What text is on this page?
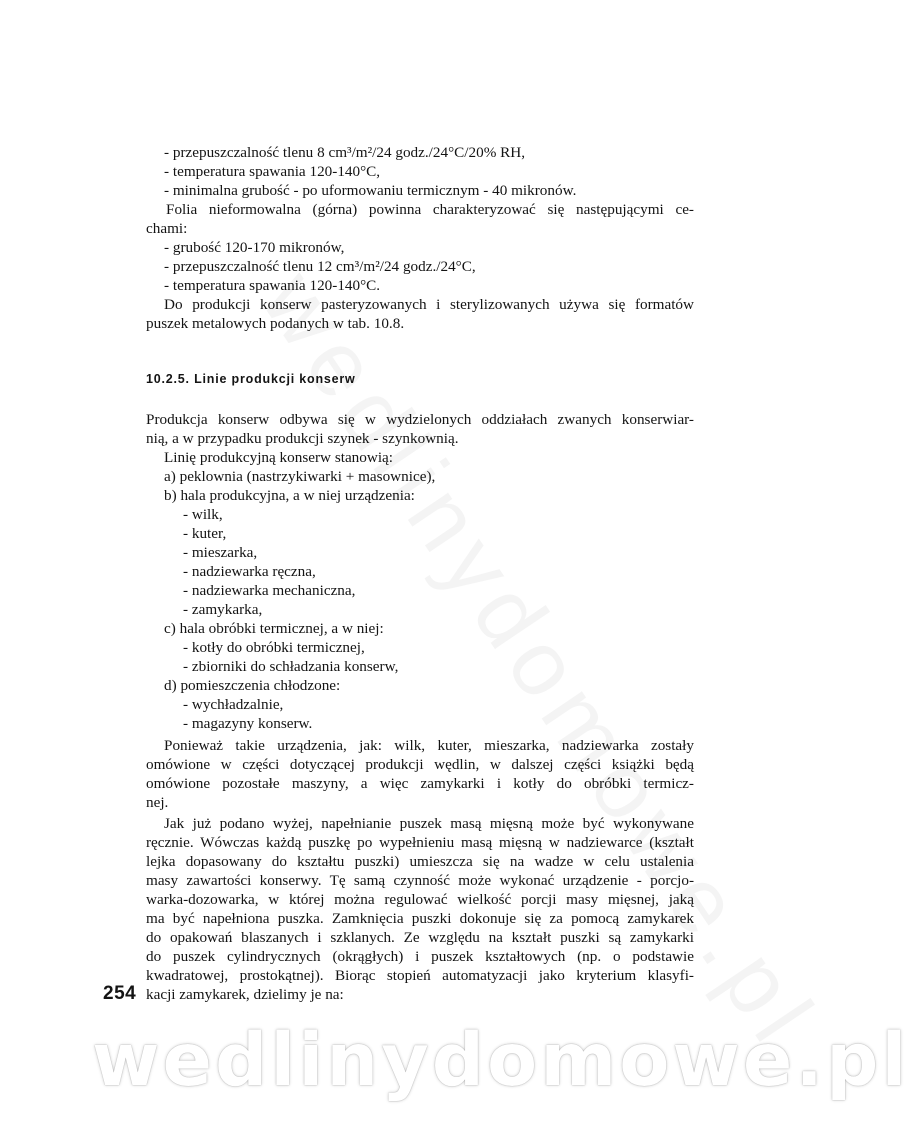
- przepuszczalność tlenu 8 cm³/m²/24 godz./24°C/20% RH,
- temperatura spawania 120-140°C,
- minimalna grubość - po uformowaniu termicznym - 40 mikronów.
Folia nieformowalna (górna) powinna charakteryzować się następującymi ce-
chami:
- grubość 120-170 mikronów,
- przepuszczalność tlenu 12 cm³/m²/24 godz./24°C,
- temperatura spawania 120-140°C.
Do produkcji konserw pasteryzowanych i sterylizowanych używa się formatów
puszek metalowych podanych w tab. 10.8.
10.2.5. Linie produkcji konserw
Produkcja konserw odbywa się w wydzielonych oddziałach zwanych konserwiar-
nią, a w przypadku produkcji szynek - szynkownią.
Linię produkcyjną konserw stanowią:
a) peklownia (nastrzykiwarki + masownice),
b) hala produkcyjna, a w niej urządzenia:
- wilk,
- kuter,
- mieszarka,
- nadziewarka ręczna,
- nadziewarka mechaniczna,
- zamykarka,
c) hala obróbki termicznej, a w niej:
- kotły do obróbki termicznej,
- zbiorniki do schładzania konserw,
d) pomieszczenia chłodzone:
- wychładzalnie,
- magazyny konserw.
Ponieważ takie urządzenia, jak: wilk, kuter, mieszarka, nadziewarka zostały
omówione w części dotyczącej produkcji wędlin, w dalszej części książki będą
omówione pozostałe maszyny, a więc zamykarki i kotły do obróbki termicz-
nej.
Jak już podano wyżej, napełnianie puszek masą mięsną może być wykonywane
ręcznie. Wówczas każdą puszkę po wypełnieniu masą mięsną w nadziewarce (kształt
lejka dopasowany do kształtu puszki) umieszcza się na wadze w celu ustalenia
masy zawartości konserwy. Tę samą czynność może wykonać urządzenie - porcjo-
warka-dozowarka, w której można regulować wielkość porcji masy mięsnej, jaką
ma być napełniona puszka. Zamknięcia puszki dokonuje się za pomocą zamykarek
do opakowań blaszanych i szklanych. Ze względu na kształt puszki są zamykarki
do puszek cylindrycznych (okrągłych) i puszek kształtowych (np. o podstawie
kwadratowej, prostokątnej). Biorąc stopień automatyzacji jako kryterium klasyfi-
kacji zamykarek, dzielimy je na:
254
wedlinydomowe.pl
